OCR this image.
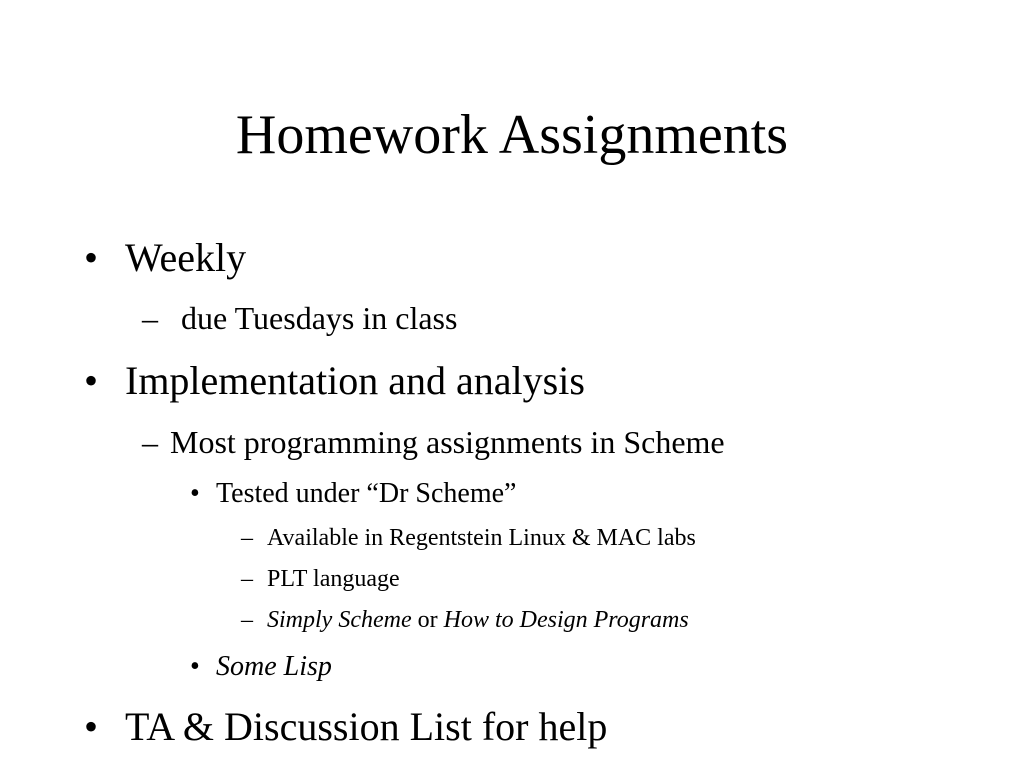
Homework Assignments
• Weekly
– due Tuesdays in class
• Implementation and analysis
– Most programming assignments in Scheme
• Tested under “Dr Scheme”
– Available in Regentstein Linux & MAC labs
– PLT language
– Simply Scheme or How to Design Programs
• Some Lisp
• TA & Discussion List for help
